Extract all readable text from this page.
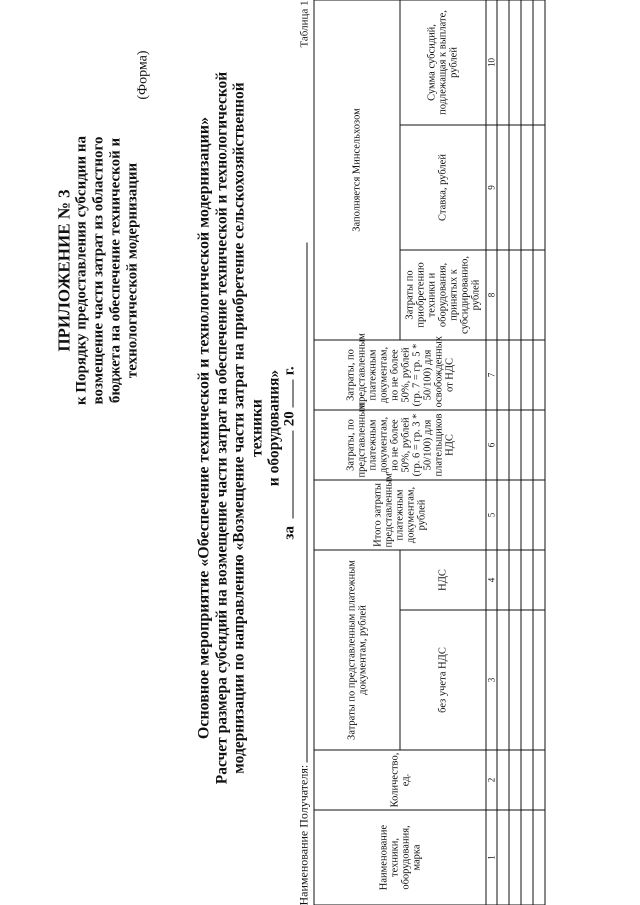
ПРИЛОЖЕНИЕ № 3 к Порядку предоставления субсидии на возмещение части затрат из областного бюджета на обеспечение технической и технологической модернизации
(Форма)
Основное мероприятие «Обеспечение технической и технологической модернизации» Расчет размера субсидий на возмещение части затрат на обеспечение технической и технологической модернизации по направлению «Возмещение части затрат на приобретение сельскохозяйственной техники и оборудования»
за 20г.
Наименование Получателя:
Таблица 1
Наименование техники, оборудования, марка	Количество, ед.	Затраты по представленным платежным документам, рублей		Итого затраты представленным платежным документам, рублей	Затраты, по представленным платежным документам, но не более 50%, рублей (гр. 6 = гр. 3 * 50/100) для плательщиков НДС	Затраты, по представленным платежным документам, но не более 50%, рублей (гр. 7 = гр. 5 * 50/100) для освобожденных от НДС	Заполняется Минсельхозом		
		без учета НДС	НДС				Затраты по приобретению техники и оборудования, принятых к субсидированию, рублей	Ставка, рублей	Сумма субсидий, подлежащая к выплате, рублей
1	2	3	4	5	6	7	8	9	10
